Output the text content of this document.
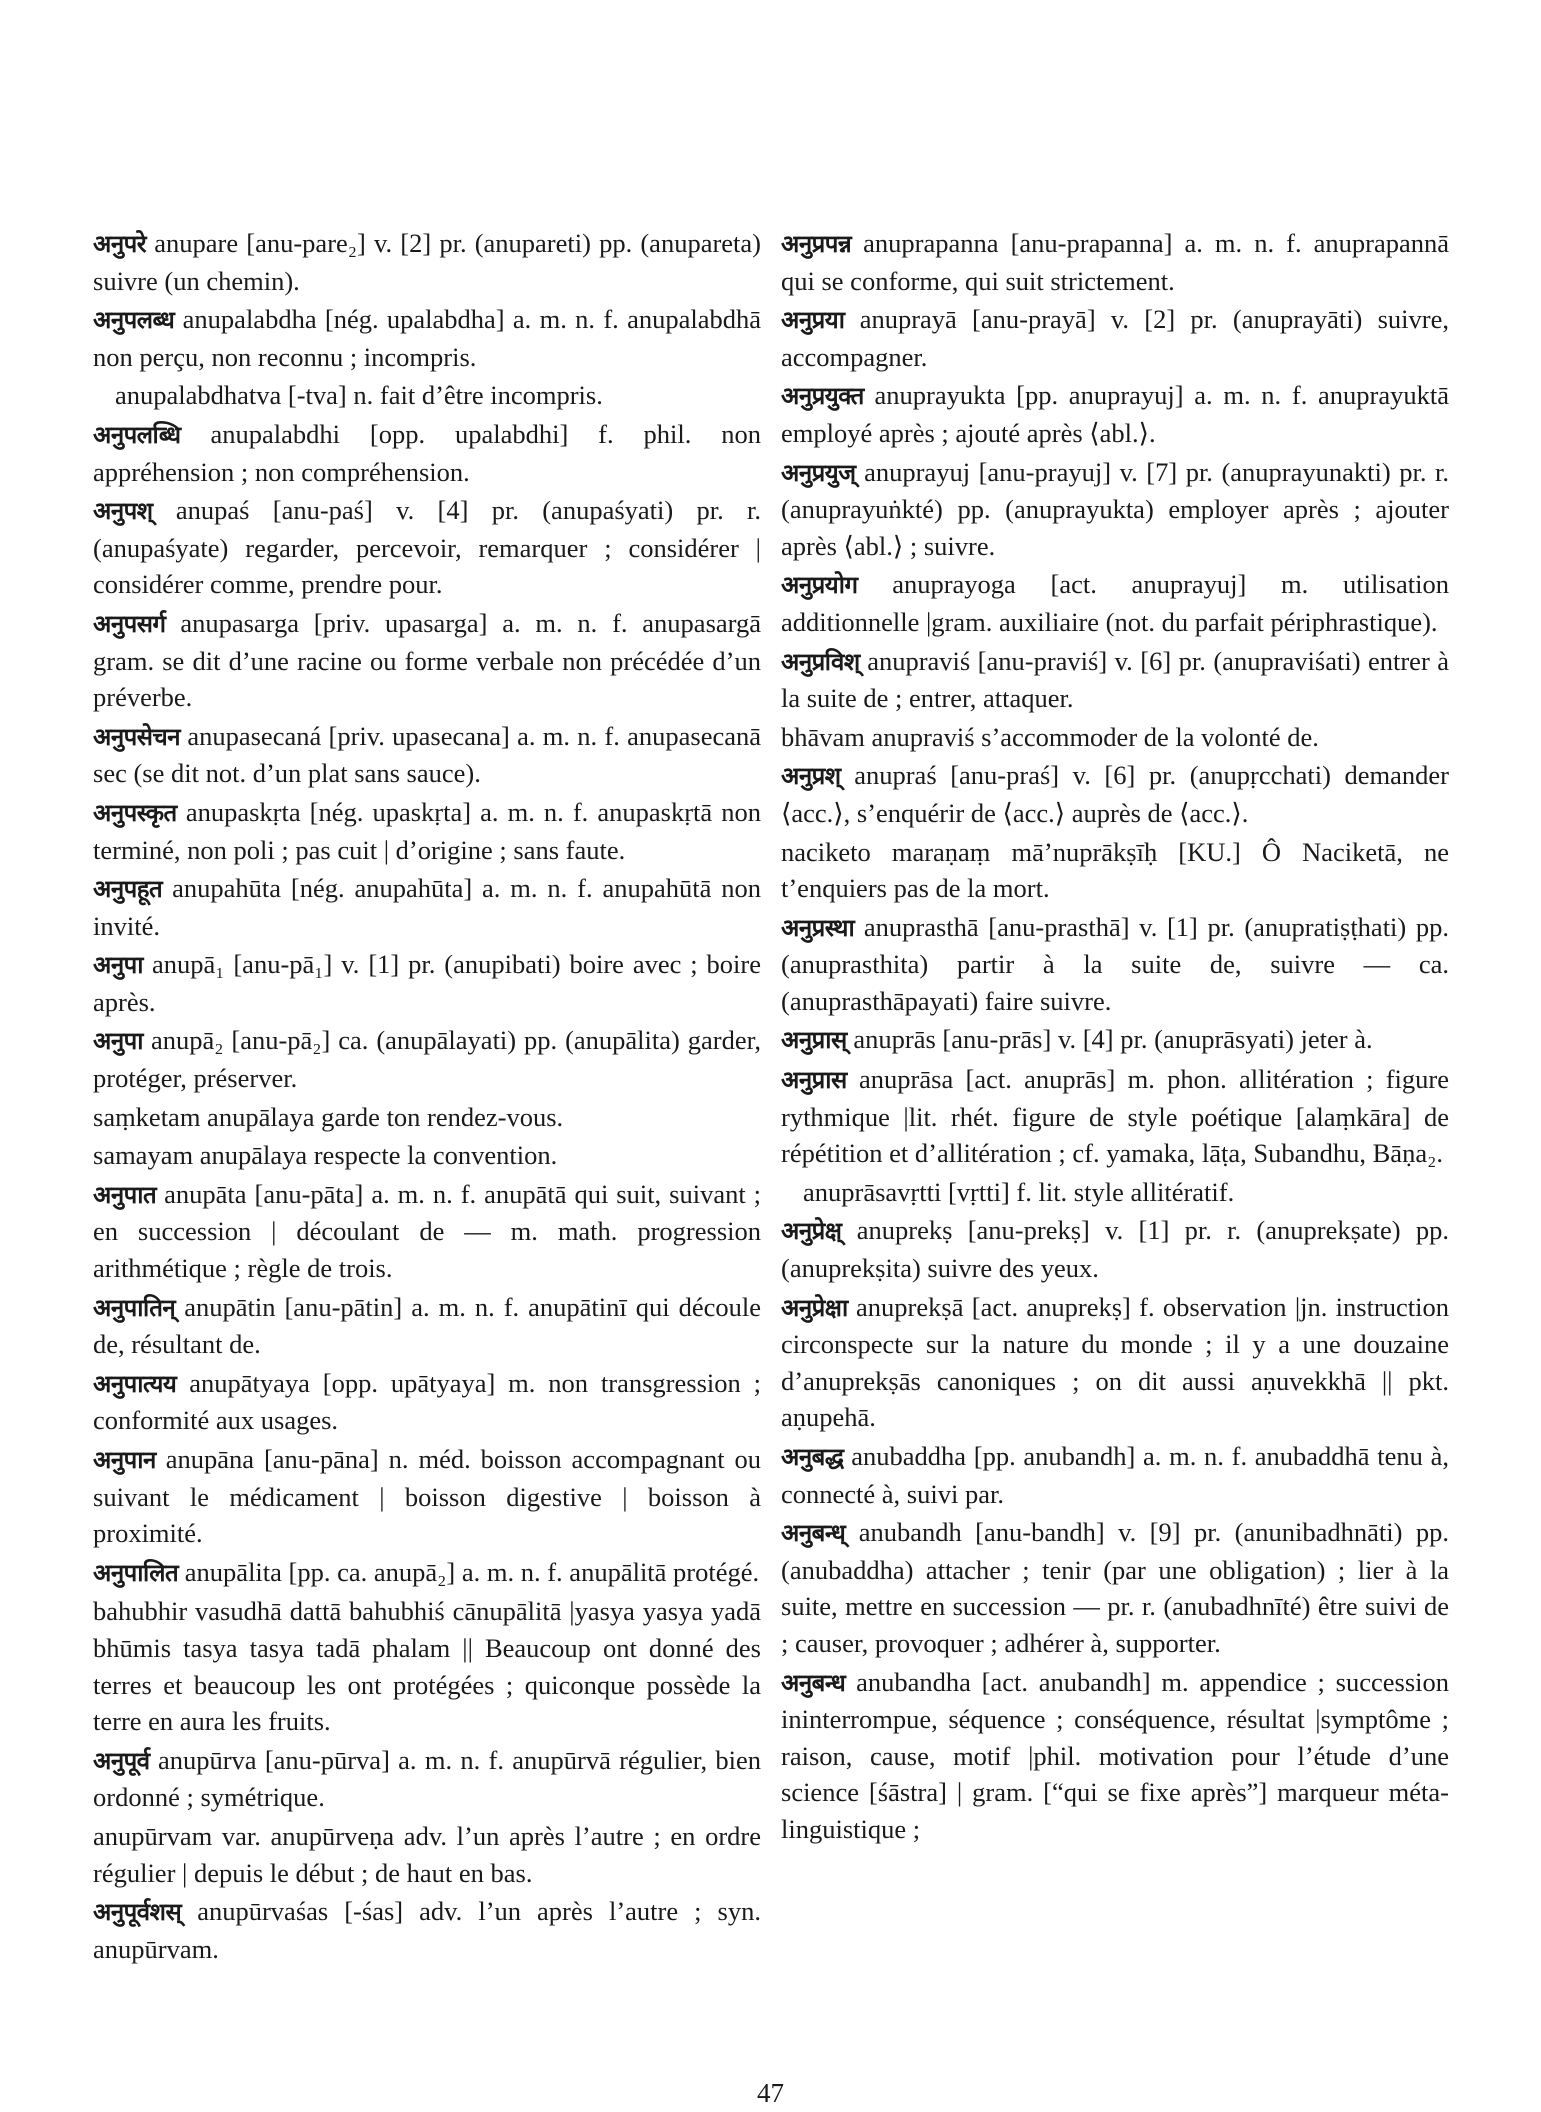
अनुपरे anupare [anu-pare₂] v. [2] pr. (anupareti) pp. (anupareta) suivre (un chemin).

अनुपलब्ध anupalabdha [nég. upalabdha] a. m. n. f. anupalabdhā non perçu, non reconnu ; incompris.

anupalabdhatva [-tva] n. fait d’être incompris.

अनुपलब्धि anupalabdhi [opp. upalabdhi] f. phil. non appréhension ; non compréhension.

अनुपश् anupaś [anu-paś] v. [4] pr. (anupaśyati) pr. r. (anupaśyate) regarder, percevoir, remarquer ; considérer | considérer comme, prendre pour.

अनुपसर्ग anupasarga [priv. upasarga] a. m. n. f. anupasargā gram. se dit d’une racine ou forme verbale non précédée d’un préverbe.

अनुपसेचन anupasecaná [priv. upasecana] a. m. n. f. anupasecanā sec (se dit not. d’un plat sans sauce).

अनुपस्कृत anupaskṛta [nég. upaskṛta] a. m. n. f. anupaskṛtā non terminé, non poli ; pas cuit | d’origine ; sans faute.

अनुपहूत anupahūta [nég. anupahūta] a. m. n. f. anupahūtā non invité.

अनुपा anupā₁ [anu-pā₁] v. [1] pr. (anupibati) boire avec ; boire après.

अनुपा anupā₂ [anu-pā₂] ca. (anupālayati) pp. (anupālita) garder, protéger, préserver.

saṃketam anupālaya garde ton rendez-vous.

samayam anupālaya respecte la convention.

अनुपात anupāta [anu-pāta] a. m. n. f. anupātā qui suit, suivant ; en succession | découlant de — m. math. progression arithmétique ; règle de trois.

अनुपातिन् anupātin [anu-pātin] a. m. n. f. anupātinī qui découle de, résultant de.

अनुपात्यय anupātyaya [opp. upātyaya] m. non transgression ; conformité aux usages.

अनुपान anupāna [anu-pāna] n. méd. boisson accompagnant ou suivant le médicament | boisson digestive | boisson à proximité.

अनुपालित anupālita [pp. ca. anupā₂] a. m. n. f. anupālitā protégé.

bahubhir vasudhā dattā bahubhiś cānupālitā |yasya yasya yadā bhūmis tasya tasya tadā phalam || Beaucoup ont donné des terres et beaucoup les ont protégées ; quiconque possède la terre en aura les fruits.

अनुपूर्व anupūrva [anu-pūrva] a. m. n. f. anupūrvā régulier, bien ordonné ; symétrique.

anupūrvam var. anupūrveṇa adv. l’un après l’autre ; en ordre régulier | depuis le début ; de haut en bas.

अनुपूर्वशस् anupūrvaśas [-śas] adv. l’un après l’autre ; syn. anupūrvam.

अनुप्रपन्न anuprapanna [anu-prapanna] a. m. n. f. anuprapannā qui se conforme, qui suit strictement.

अनुप्रया anuprayā [anu-prayā] v. [2] pr. (anuprayāti) suivre, accompagner.

अनुप्रयुक्त anuprayukta [pp. anuprayuj] a. m. n. f. anuprayuktā employé après ; ajouté après ⟨abl.⟩.

अनुप्रयुज् anuprayuj [anu-prayuj] v. [7] pr. (anuprayunakti) pr. r. (anuprayuṅkté) pp. (anuprayukta) employer après ; ajouter après ⟨abl.⟩ ; suivre.

अनुप्रयोग anuprayoga [act. anuprayuj] m. utilisation additionnelle |gram. auxiliaire (not. du parfait périphrastique).

अनुप्रविश् anupraviś [anu-praviś] v. [6] pr. (anupraviśati) entrer à la suite de ; entrer, attaquer.

bhāvam anupraviś s’accommoder de la volonté de.

अनुप्रश् anupraś [anu-praś] v. [6] pr. (anupṛcchati) demander ⟨acc.⟩, s’enquérir de ⟨acc.⟩ auprès de ⟨acc.⟩.

naciketo maraṇaṃ mā’nuprākṣīḥ [KU.] Ô Naciketā, ne t’enquiers pas de la mort.

अनुप्रस्था anuprasthā [anu-prasthā] v. [1] pr. (anupratiṣṭhati) pp. (anuprasthita) partir à la suite de, suivre — ca. (anuprasthāpayati) faire suivre.

अनुप्रास् anuprās [anu-prās] v. [4] pr. (anuprāsyati) jeter à.

अनुप्रास anuprāsa [act. anuprās] m. phon. allitération ; figure rythmique |lit. rhét. figure de style poétique [alaṃkāra] de répétition et d’allitération ; cf. yamaka, lāṭa, Subandhu, Bāṇa₂.

anuprāsavṛtti [vṛtti] f. lit. style allitératif.

अनुप्रेक्ष् anuprekṣ [anu-prekṣ] v. [1] pr. r. (anuprekṣate) pp. (anuprekṣita) suivre des yeux.

अनुप्रेक्षा anuprekṣā [act. anuprekṣ] f. observation |jn. instruction circonspecte sur la nature du monde ; il y a une douzaine d’anuprekṣās canoniques ; on dit aussi aṇuvekkhā || pkt. aṇupehā.

अनुबद्ध anubaddha [pp. anubandh] a. m. n. f. anubaddhā tenu à, connecté à, suivi par.

अनुबन्ध् anubandh [anu-bandh] v. [9] pr. (anunibadhnāti) pp. (anubaddha) attacher ; tenir (par une obligation) ; lier à la suite, mettre en succession — pr. r. (anubadhnīté) être suivi de ; causer, provoquer ; adhérer à, supporter.

अनुबन्ध anubandha [act. anubandh] m. appendice ; succession ininterrompue, séquence ; conséquence, résultat |symptôme ; raison, cause, motif |phil. motivation pour l’étude d’une science [śāstra] | gram. [“qui se fixe après”] marqueur méta-linguistique ;

47
